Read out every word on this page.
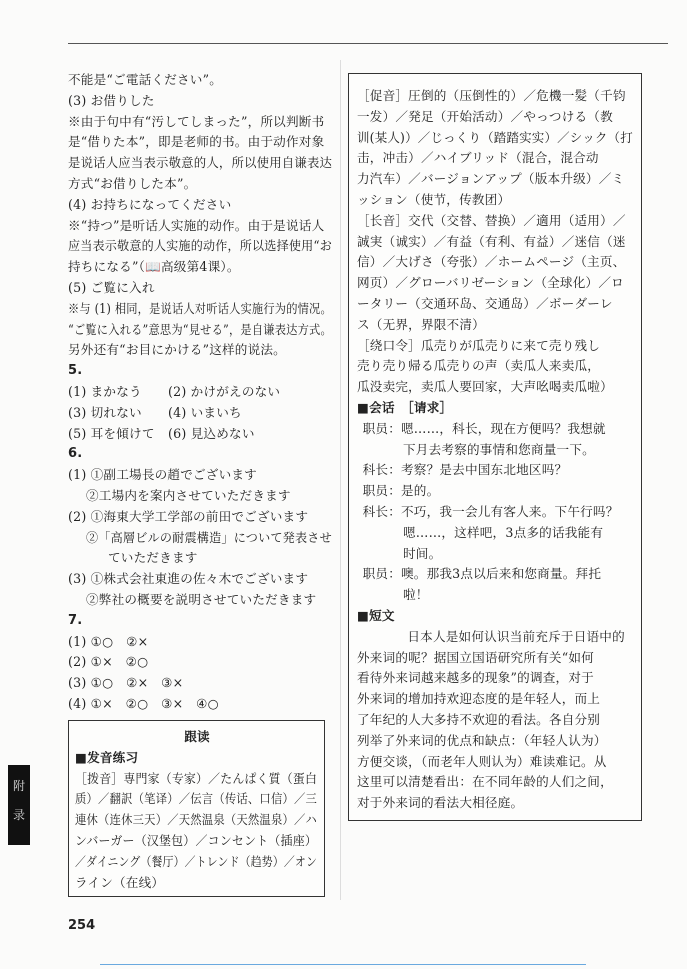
不能是“ご電話ください”。
(3) お借りした
※由于句中有“汚してしまった”，所以判断书
是“借りた本”，即是老师的书。由于动作对象
是说话人应当表示敬意的人，所以使用自谦表达
方式“お借りした本”。
(4) お持ちになってください
※“持つ”是听话人实施的动作。由于是说话人
应当表示敬意的人实施的动作，所以选择使用“お
持ちになる”（📖高级第4课）。
(5) ご覧に入れ
※与 (1) 相同，是说话人对听话人实施行为的情况。
“ご覧に入れる”意思为“見せる”，是自谦表达方式。
另外还有“お目にかける”这样的说法。
5.
(1) まかなう (2) かけがえのない
(3) 切れない (4) いまいち
(5) 耳を傾けて (6) 見込めない
6.
(1) ①副工場長の趙でございます
②工場内を案内させていただきます
(2) ①海東大学工学部の前田でございます
②「高層ビルの耐震構造」について発表させ
ていただきます
(3) ①株式会社東進の佐々木でございます
②弊社の概要を説明させていただきます
7.
(1) ①○　②×
(2) ①×　②○
(3) ①○　②×　③×
(4) ①×　②○　③×　④○
跟读
■发音练习
［拨音］専門家（专家）／たんぱく質（蛋白
质）／翻訳（笔译）／伝言（传话、口信）／三
連休（连休三天）／天然温泉（天然温泉）／ハ
ンバーガー（汉堡包）／コンセント（插座）
／ダイニング（餐厅）／トレンド（趋势）／オン
ライン（在线）
［促音］圧倒的（压倒性的）／危機一髪（千钧
一发）／発足（开始活动）／やっつける（教
训(某人)）／じっくり（踏踏实实）／シック（打
击，冲击）／ハイブリッド（混合，混合动
力汽车）／バージョンアップ（版本升级）／ミ
ッション（使节，传教团）
［长音］交代（交替、替换）／適用（适用）／
誠実（诚实）／有益（有利、有益）／迷信（迷
信）／大げさ（夸张）／ホームページ（主页、
网页）／グローバリゼーション（全球化）／ロ
ータリー（交通环岛、交通岛）／ボーダーレ
ス（无界，界限不清）
［绕口令］瓜売りが瓜売りに来て売り残し
売り売り帰る瓜売りの声（卖瓜人来卖瓜，
瓜没卖完，卖瓜人要回家，大声吆喝卖瓜啦）
■会话　［请求］
职员：嗯……，科长，现在方便吗？我想就
下月去考察的事情和您商量一下。
科长：考察？是去中国东北地区吗？
职员：是的。
科长：不巧，我一会儿有客人来。下午行吗？
嗯……，这样吧，3点多的话我能有
时间。
职员：噢。那我3点以后来和您商量。拜托
啦！
■短文
日本人是如何认识当前充斥于日语中的
外来词的呢？据国立国语研究所有关“如何
看待外来词越来越多的现象”的调查，对于
外来词的增加持欢迎态度的是年轻人，而上
了年纪的人大多持不欢迎的看法。各自分别
列举了外来词的优点和缺点：（年轻人认为）
方便交谈，（而老年人则认为）难读难记。从
这里可以清楚看出：在不同年龄的人们之间，
对于外来词的看法大相径庭。
附
录
254
